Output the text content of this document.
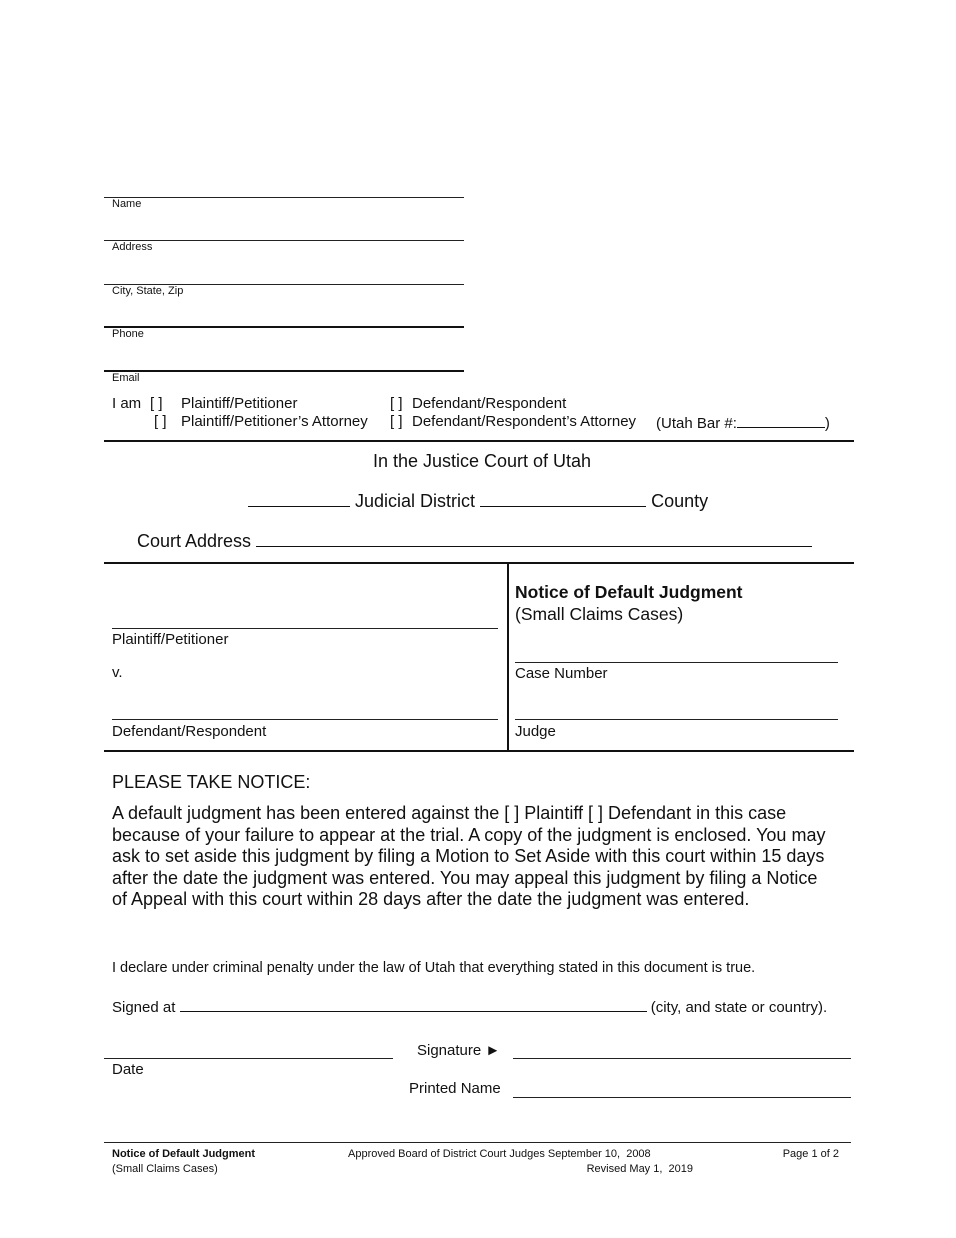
Name
Address
City, State, Zip
Phone
Email
I am [ ] Plaintiff/Petitioner	[ ] Defendant/Respondent
[ ] Plaintiff/Petitioner’s Attorney [ ] Defendant/Respondent’s Attorney (Utah Bar #:	)
In the Justice Court of Utah
Judicial District	County
Court Address
Plaintiff/Petitioner
v.
Defendant/Respondent
Notice of Default Judgment
(Small Claims Cases)
Case Number
Judge
PLEASE TAKE NOTICE:
A default judgment has been entered against the [ ] Plaintiff [ ] Defendant in this case because of your failure to appear at the trial. A copy of the judgment is enclosed. You may ask to set aside this judgment by filing a Motion to Set Aside with this court within 15 days after the date the judgment was entered. You may appeal this judgment by filing a Notice of Appeal with this court within 28 days after the date the judgment was entered.
I declare under criminal penalty under the law of Utah that everything stated in this document is true.
Signed at	(city, and state or country).
Date
Signature ►
Printed Name
Notice of Default Judgment
(Small Claims Cases)
Approved Board of District Court Judges September 10,  2008
Revised May 1,  2019
Page 1 of 2
